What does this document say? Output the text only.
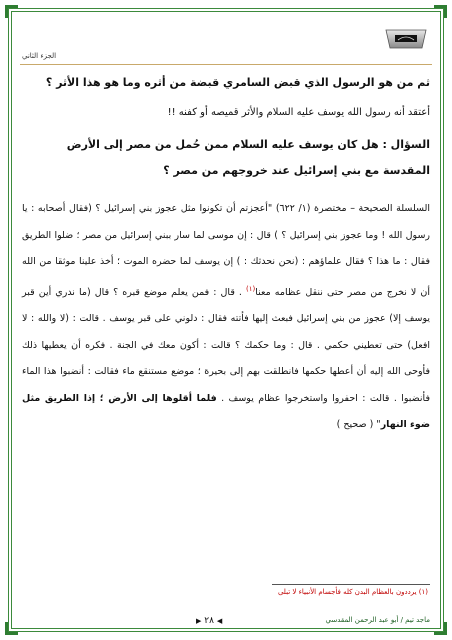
الجزء الثاني

ثم من هو الرسول الذي قبض السامري قبضة من أثره وما هو هذا الأثر ؟

أعتقد أنه رسول الله يوسف عليه السلام والأثر قميصه أو كفنه !!

السؤال : هل كان يوسف عليه السلام ممن حُمل من مصر إلى الأرض المقدسة مع بني إسرائيل عند خروجهم من مصر ؟

السلسلة الصحيحة – مختصرة (١/ ٦٢٢) "أعجزتم أن تكونوا مثل عجوز بني إسرائيل ؟ (فقال أصحابه : يا رسول الله ! وما عجوز بني إسرائيل ؟ ) قال : إن موسى لما سار ببني إسرائيل من مصر ؛ ضلوا الطريق فقال : ما هذا ؟ فقال علماؤهم : (نحن نحدثك : ) إن يوسف لما حضره الموت ؛ أخذ علينا موثقا من الله أن لا نخرج من مصر حتى ننقل عظامه معنا$^{(١)}$ . قال : فمن يعلم موضع قبره ؟ قال (ما ندري أين قبر يوسف إلا) عجوز من بني إسرائيل فبعث إليها فأتته فقال : دلوني على قبر يوسف . قالت : (لا والله : لا افعل) حتى تعطيني حكمي . قال : وما حكمك ؟ قالت : أكون معك في الجنة . فكره أن يعطيها ذلك فأوحى الله إليه أن أعطها حكمها فانطلقت بهم إلى بحيرة ؛ موضع مستنقع ماء فقالت : أنضبوا هذا الماء فأنضبوا . قالت : احفروا واستخرجوا عظام يوسف . فلما أقلوها إلى الأرض ؛ إذا الطريق مثل ضوء النهار" ( صحيح )

(١) يرددون بالعظام البدن كله فأجسام الأنبياء لا تبلى
◀ ٢٨ ▶	ماجد تيم / أبو عبد الرحمن المقدسي
